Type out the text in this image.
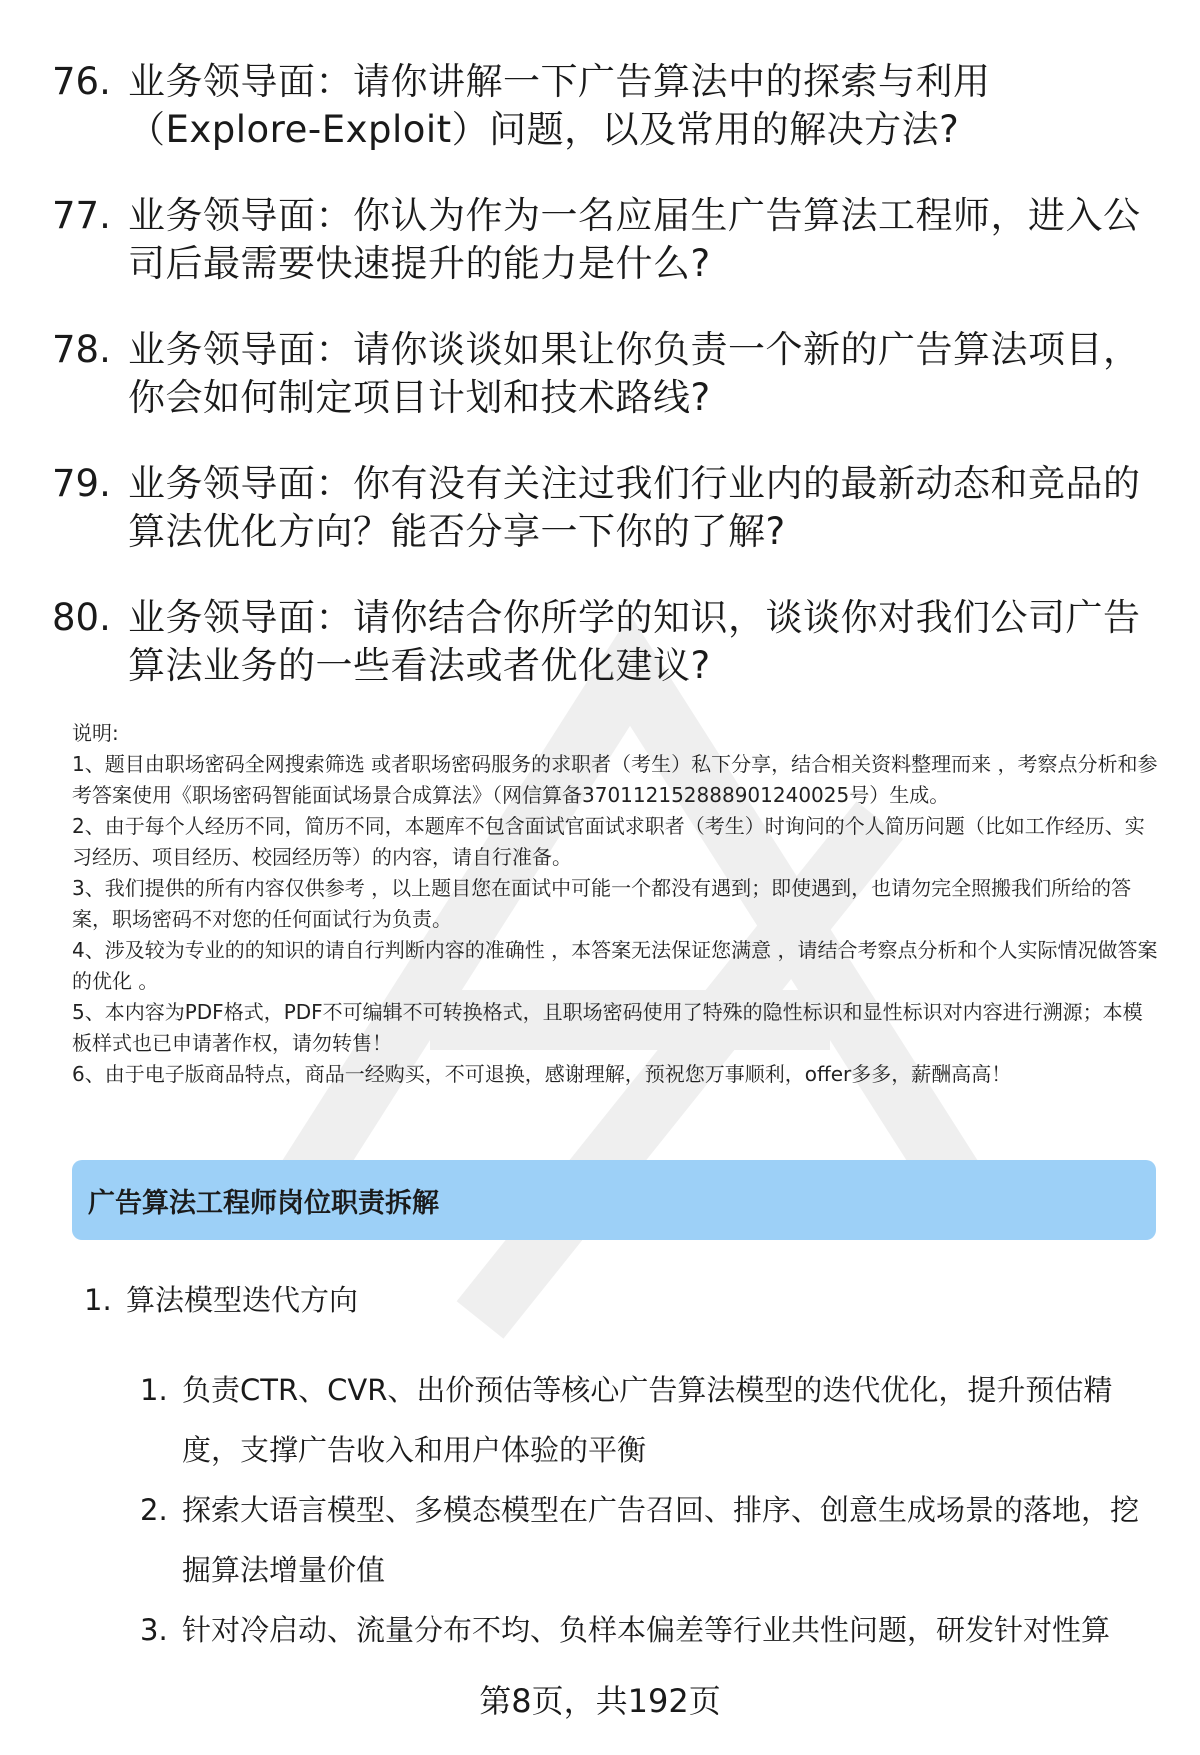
76. 业务领导面：请你讲解一下广告算法中的探索与利用（Explore-Exploit）问题，以及常用的解决方法?
77. 业务领导面：你认为作为一名应届生广告算法工程师，进入公司后最需要快速提升的能力是什么?
78. 业务领导面：请你谈谈如果让你负责一个新的广告算法项目，你会如何制定项目计划和技术路线?
79. 业务领导面：你有没有关注过我们行业内的最新动态和竞品的算法优化方向？能否分享一下你的了解?
80. 业务领导面：请你结合你所学的知识，谈谈你对我们公司广告算法业务的一些看法或者优化建议?

说明:

1、题目由职场密码全网搜索筛选 或者职场密码服务的求职者（考生）私下分享，结合相关资料整理而来 ，考察点分析和参考答案使用《职场密码智能面试场景合成算法》（网信算备370112152888901240025号）生成。

2、由于每个人经历不同，简历不同，本题库不包含面试官面试求职者（考生）时询问的个人简历问题（比如工作经历、实习经历、项目经历、校园经历等）的内容，请自行准备。

3、我们提供的所有内容仅供参考 ，以上题目您在面试中可能一个都没有遇到；即使遇到，也请勿完全照搬我们所给的答案，职场密码不对您的任何面试行为负责。

4、涉及较为专业的的知识的请自行判断内容的准确性 ，本答案无法保证您满意 ，请结合考察点分析和个人实际情况做答案的优化 。

5、本内容为PDF格式，PDF不可编辑不可转换格式，且职场密码使用了特殊的隐性标识和显性标识对内容进行溯源；本模板样式也已申请著作权，请勿转售！

6、由于电子版商品特点，商品一经购买，不可退换，感谢理解，预祝您万事顺利，offer多多，薪酬高高！

广告算法工程师岗位职责拆解
1. 算法模型迭代方向
1. 负责CTR、CVR、出价预估等核心广告算法模型的迭代优化，提升预估精度，支撑广告收入和用户体验的平衡
2. 探索大语言模型、多模态模型在广告召回、排序、创意生成场景的落地，挖掘算法增量价值
3. 针对冷启动、流量分布不均、负样本偏差等行业共性问题，研发针对性算
第8页，共192页
